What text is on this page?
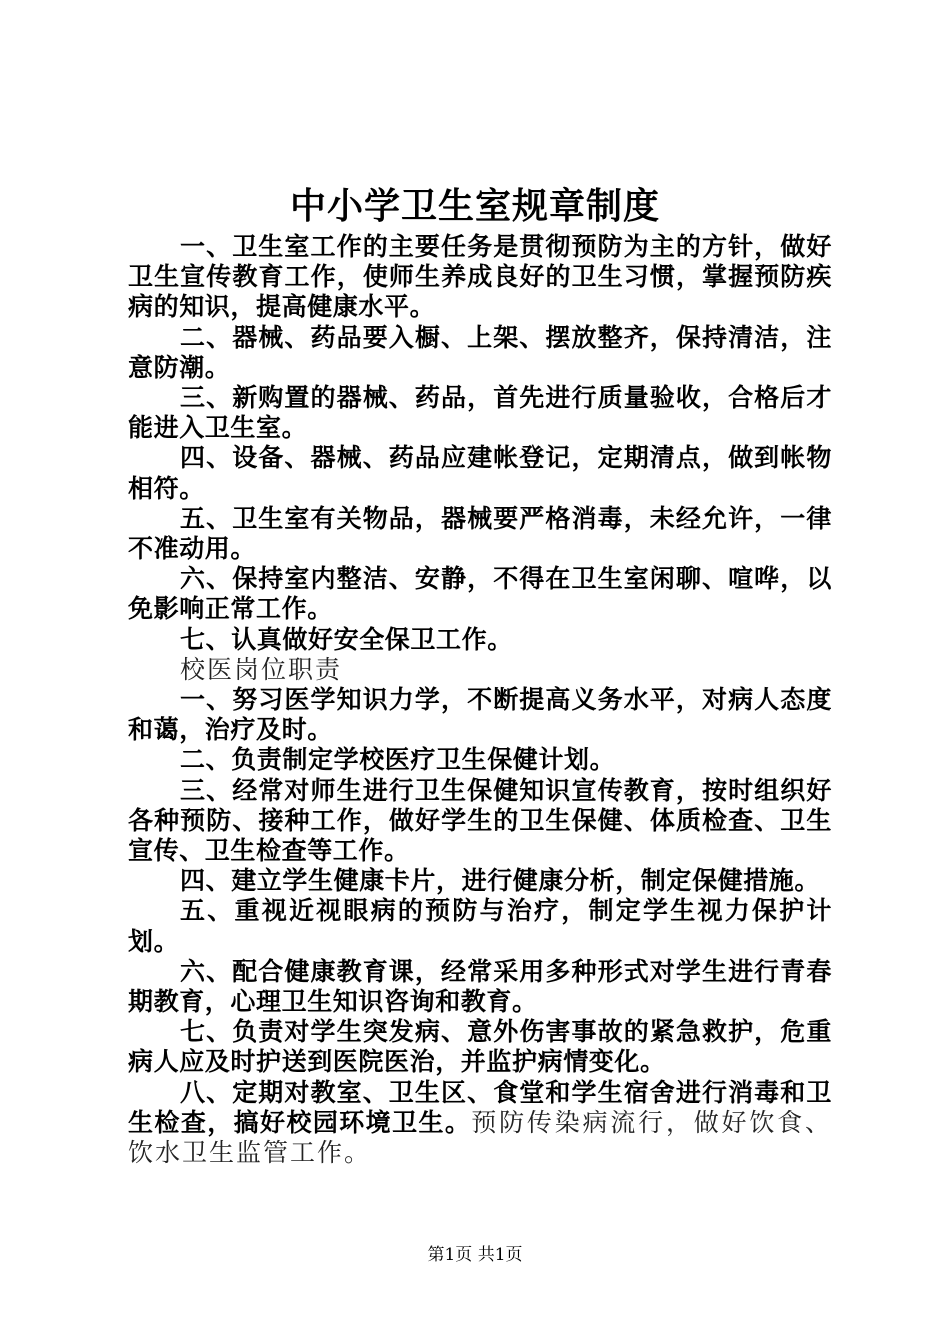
中小学卫生室规章制度

一、卫生室工作的主要任务是贯彻预防为主的方针，做好卫生宣传教育工作，使师生养成良好的卫生习惯，掌握预防疾病的知识，提高健康水平。

二、器械、药品要入橱、上架、摆放整齐，保持清洁，注意防潮。

三、新购置的器械、药品，首先进行质量验收，合格后才能进入卫生室。

四、设备、器械、药品应建帐登记，定期清点，做到帐物相符。

五、卫生室有关物品，器械要严格消毒，未经允许，一律不准动用。

六、保持室内整洁、安静，不得在卫生室闲聊、喧哗，以免影响正常工作。

七、认真做好安全保卫工作。

校医岗位职责

一、努习医学知识力学，不断提高义务水平，对病人态度和蔼，治疗及时。

二、负责制定学校医疗卫生保健计划。

三、经常对师生进行卫生保健知识宣传教育，按时组织好各种预防、接种工作，做好学生的卫生保健、体质检查、卫生宣传、卫生检查等工作。

四、建立学生健康卡片，进行健康分析，制定保健措施。

五、重视近视眼病的预防与治疗，制定学生视力保护计划。

六、配合健康教育课，经常采用多种形式对学生进行青春期教育，心理卫生知识咨询和教育。

七、负责对学生突发病、意外伤害事故的紧急救护，危重病人应及时护送到医院医治，并监护病情变化。

八、定期对教室、卫生区、食堂和学生宿舍进行消毒和卫生检查，搞好校园环境卫生。预防传染病流行，做好饮食、饮水卫生监管工作。

第1页 共1页
